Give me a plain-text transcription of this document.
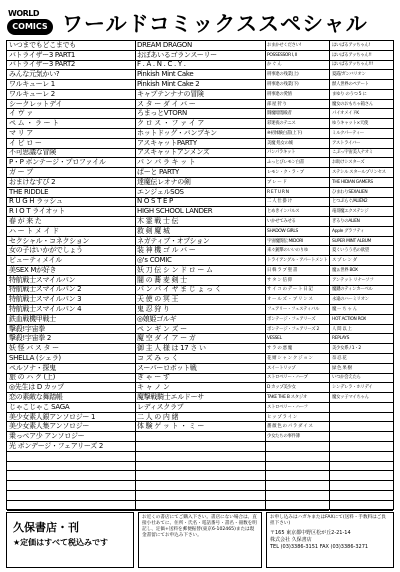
WORLD
COMICS ワールドコミックススペシャル
いつまでもどこまでも
バトライザー3 PART1
バトライザー3 PART2
みんな元気かい?
ワルキューレ 1
ワルキューレ 2
シークレットデイ
イ ヴ ァ
ペ ム ・ ラ ー ト
マ リ ア
イ ビ ロ ー
不可思議な冒険
P・P ボンテージ・プロファイル
ガ ー ブ
おまけなすび 2
THE RIDDLE
R U G H ラッシュ
R I O T ライオット
春 が 来 た
ハ ー ト メ イ ド
セクシャル・コネクション
女の子はいかがでしょう
ビューティメイル
美SEX Mが好き
特航戦士スマイルパン
特航戦士スマイルパン 2
特航戦士スマイルパン 3
特航戦士スマイルパン 4
鉄血戦機甲戦士
撃殺!宇宙拳
撃殺!宇宙拳 2
妖 怪 バ ス タ ー
SHELLA (シェラ)
ペルソナ・探鬼
旅 の ハ ク (上)
◎先生は D カップ
恋の素敵な舞踏帳
じゃこじゃこ SAGA
美少女素人銀アンソロジー 1
美少女素人集アンソロジー
乗っぺア少 アンソロジー
光 ボンデージ・フェアリーズ 2
DREAM DRAGON
おぼあいるゴランスーリー
F . A . N . C . Y .
Pinkish Mint Cake
Pinkish Mint Cake 2
キャプテンナナの冒険
ス タ ー ダ イ バ ー
ろまっとVTORN
ク ロ ス ・ フ ァ イ ア
ホットドッグ・バンブキン
アスキャットPARTY
アスキャットアンメンズ
パ ン パ ラ キ ッ ト
ぱーと PARTY
達魔伝レオナの剣
エンジェルSOS
N O S T E P
HIGH SCHOOL LANDER
木 霊 戦 士 伝
救 剣 魔 城
ネガティブ・オプション
装 神 機 ゴ ル バ ー
◎'s COMIC
妖 刀 伝 シ ン ド ロ ー ム
闇 の 蕎 麦 剣 士
パ ン パ イ ヤ ま じ ょ っ く
天 使 の 冥 王
鬼 忍 狩 り
◎娘姫ゴルギ
ペ ン ギ ン ズ ー
魔 空 ダ イ ア ー ガ
御 主 人 様 は 17 さ い
コ ズ み っ く
スーパーロボット戦
ぎ ゃ ー ず
キ ャ ノ ン
魔撃戦騎士エルドーサ
レディスクラブ
二 人 の 内 緒
体 験 ゲ ッ ト ・ ミ ー
おまかせください!
POSSESSOR I, II
か ぐ ん
刑事達の残業(上)
刑事達の残業(下)
刑事達の愛情
部 屋 狩 り
闘魔暗闇殿者
彩迷夜のテニス
※初体験白書(上下)
美魔 処女の城
パンパラキット
ふっとびレモン白書
レモン・ク・ラ・ブ
ブ レ ー ド
R E T U R N
二 人 仕 掛 け
とめきインパルス
いかせてみせる
SHADOW GIRLS
宇宙魔闘伝 MIDORI
来々銃撃のいいのりゆ
トライアングル・アパートメント
日 韓 ラ ブ 聖 書
サ タ ン 信 仰
サ イ コ の デ ー ト 日 記
オ ー ル ズ ・ ブ リ ン ス
フェアリー・フェスティバル
ボンテージ・フェアリーズ
ボンテージ・フェアリーズ 2
VESSEL
サ ラ の 悪 魔
花 婿 シ ャ ン ク ジ ョ ン
スイートリップ
ストロベリー・ハーブ
D カップ美少女
TAKE THE B スタジオ
ストロベリー・ハーフ
ヒ ッ プ ラ イ ン
薔 薇 色 の パ ラ ダ イ ス
少女たちの事件簿
はいぱるアッちゃん!
はいぱるアッちゃん!!
はいぱるアッちゃん!!!
夏霞/ガンバリオン
獣人世界のペアート
まゆり のうつ 5 に
魔女のおもちゃ箱さん
パイオメイドK
ゆうキャット×天使
ミルクパーティー
アストライバー
こぶっ宇宙美人ナオミ
お助けシスターズ
ステシル スタールプリンセス
THE HIDIAN GAMERS
ひまわりSEXALIEN
とつぷらぐ/ALIEN2
竜哥魔エクステンジ
ぎるりのALIEN
Apple グラフティ
SUPER MINT ALBUM
夏くいうう名の欲望
ス プ レ ン ダ
魔ぁ世界 BOX
アンテット リナーソフ
魔鍵のティンカーベル
永遠のハーミリオン
魔 ー ち ゃ ん
HOT ACTION ROX
人 間 以 上
REPLAYS
美少女系 / 1・2
奈 忍 花
緑 色 果 樹
いつか会えたら
シンデレラ・ホリデイ
魔女ッ子マイちゃん
久保書店・刊
★定価はすべて税込みです

お近くの書店にてご購入下さい。書店にない場合は、直接小社あてに、住所・氏名・電話番号・書名・冊数を明記し、定価+送料を郵便振替(東京6-102465)または現金書留にてお申込み下さい。

お申し込みはハガキまたはFAXにて(送料・手数料はご負担下さい)

〒165 東京都中野区松が丘2-21-14
株式会社 久保書店
TEL (03)3386-3151 FAX (03)3386-3271
